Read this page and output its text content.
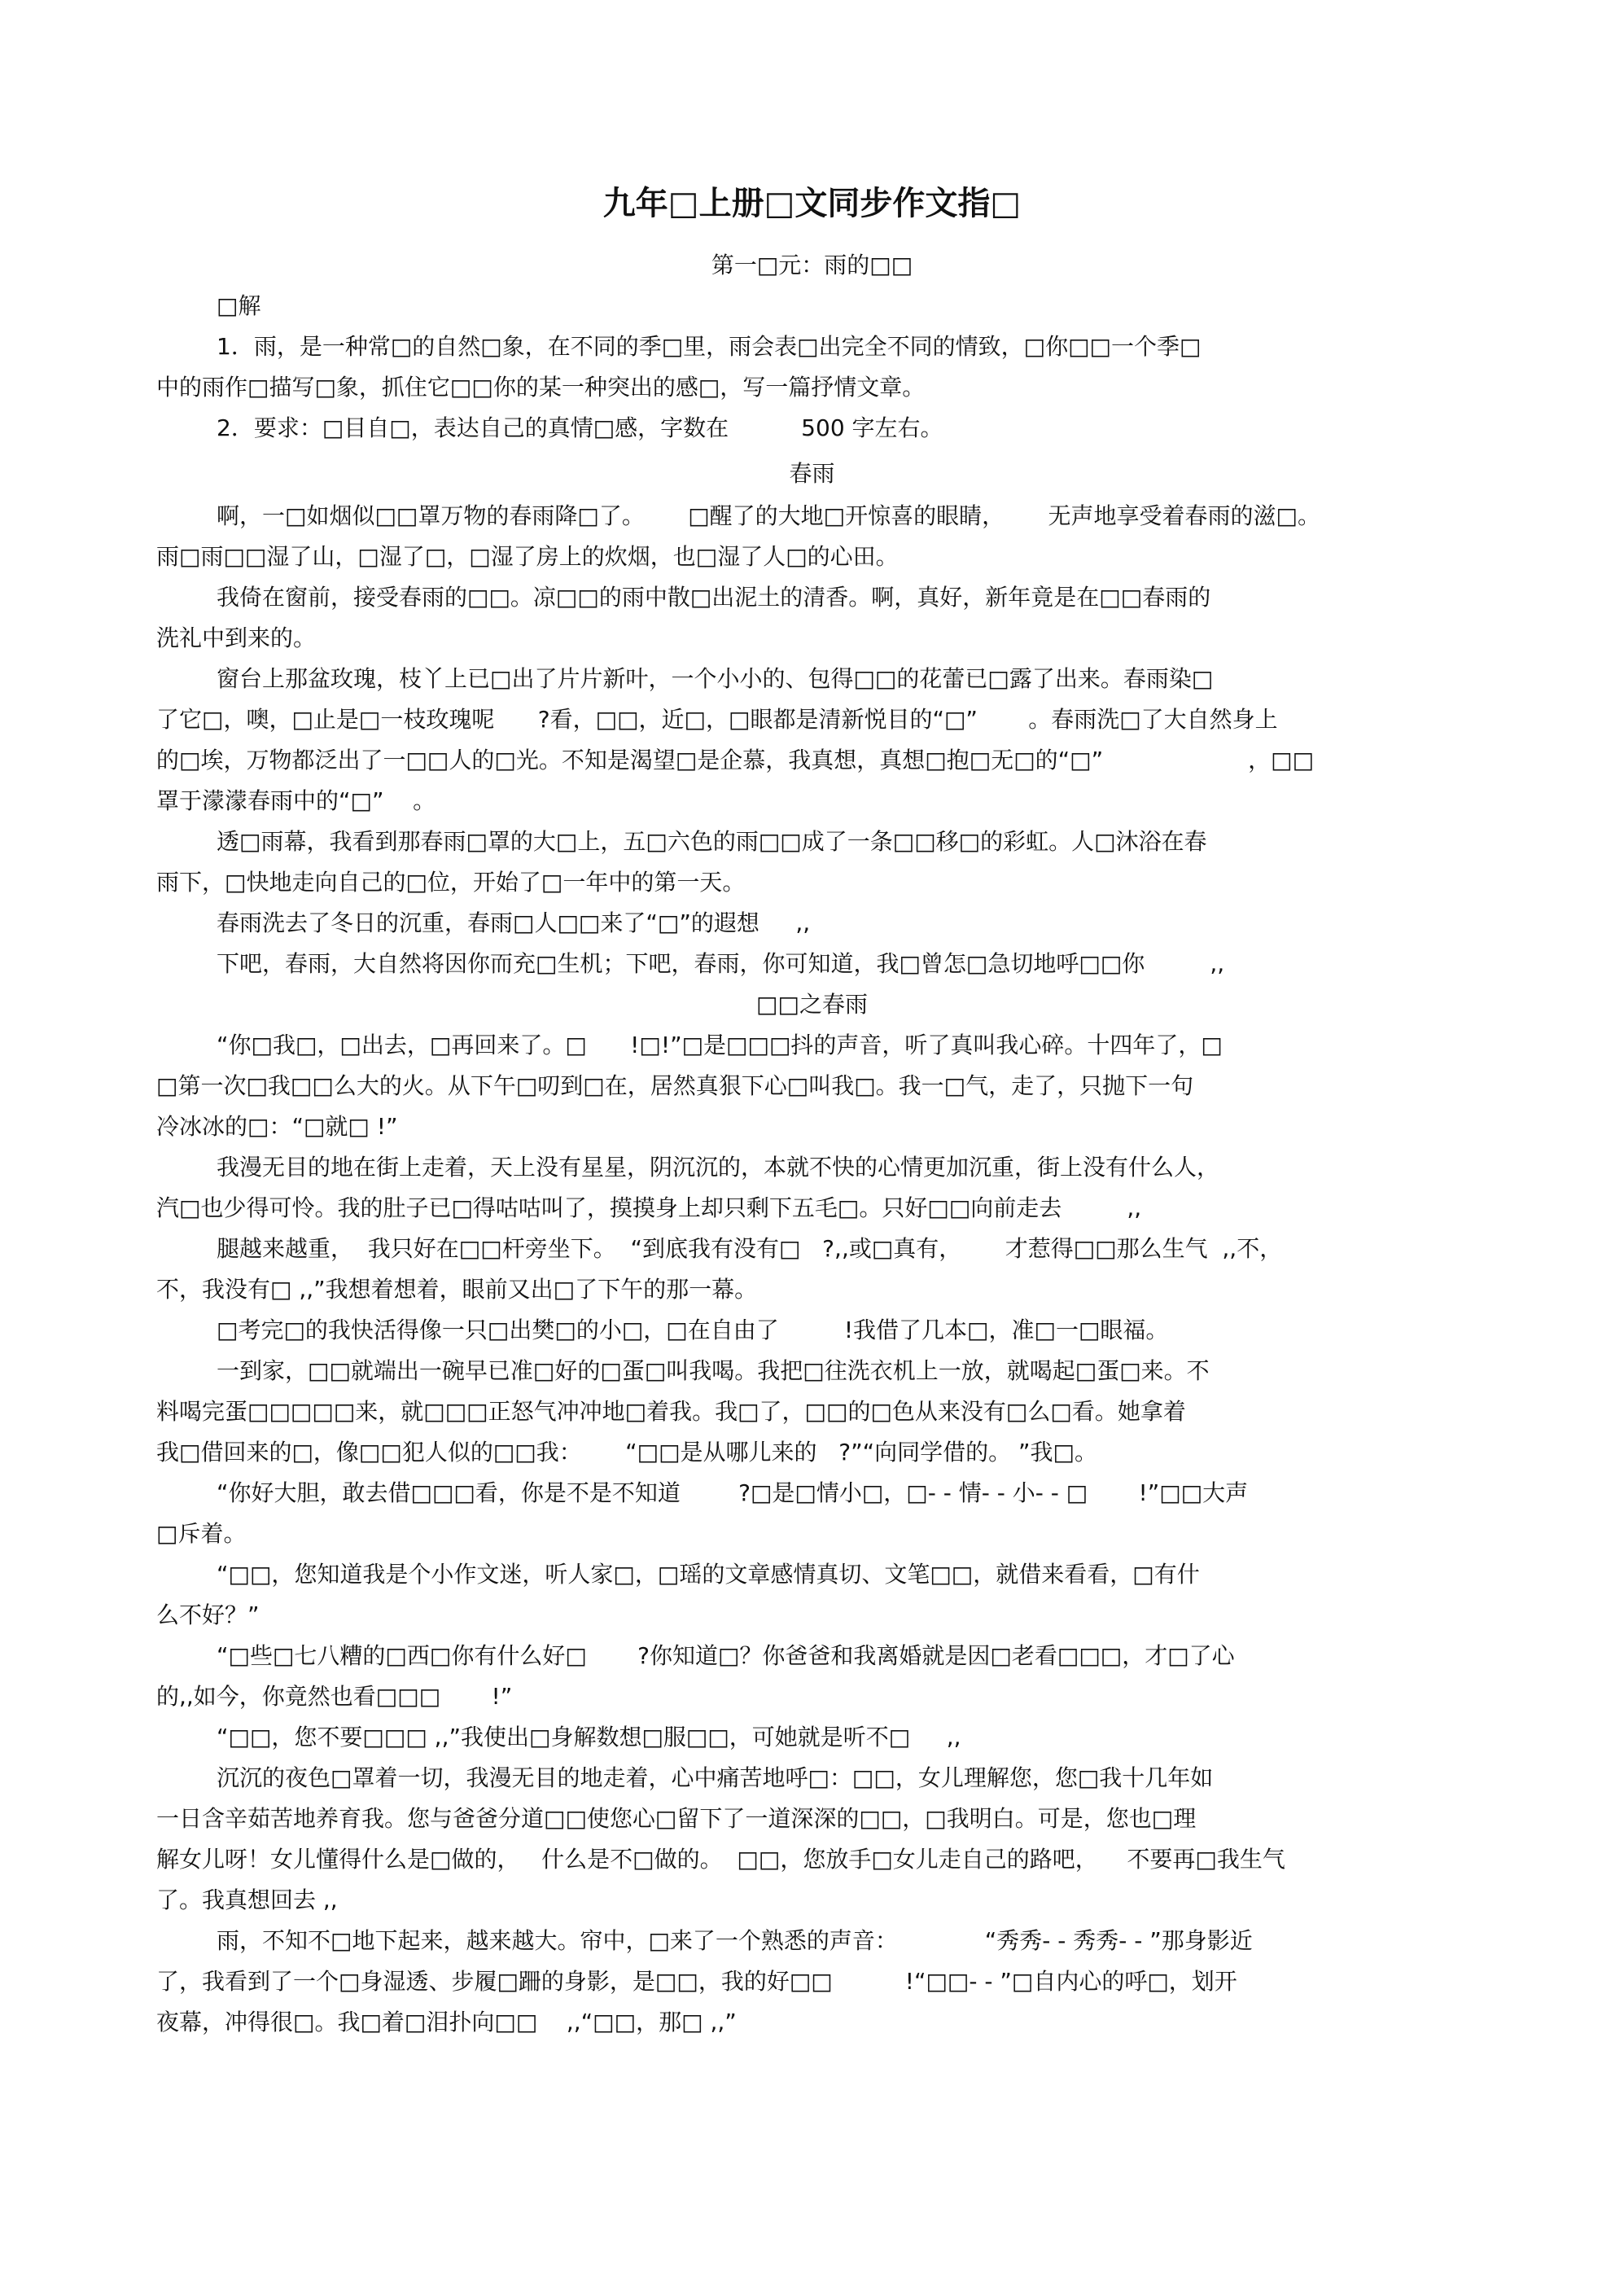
九年□上册□文同步作文指□

第一□元：雨的□□

□解

1．雨，是一种常□的自然□象，在不同的季□里，雨会表□出完全不同的情致，□你□□一个季□

中的雨作□描写□象，抓住它□□你的某一种突出的感□，写一篇抒情文章。

2．要求：□目自□，表达自己的真情□感，字数在          500 字左右。

春雨

啊，一□如烟似□□罩万物的春雨降□了。      □醒了的大地□开惊喜的眼睛，      无声地享受着春雨的滋□。

雨□雨□□湿了山，□湿了□，□湿了房上的炊烟，也□湿了人□的心田。

我倚在窗前，接受春雨的□□。凉□□的雨中散□出泥土的清香。啊，真好，新年竟是在□□春雨的

洗礼中到来的。

窗台上那盆玫瑰，枝丫上已□出了片片新叶，一个小小的、包得□□的花蕾已□露了出来。春雨染□

了它□，噢，□止是□一枝玫瑰呢      ?看，□□，近□，□眼都是清新悦目的“□”       。春雨洗□了大自然身上

的□埃，万物都泛出了一□□人的□光。不知是渴望□是企慕，我真想，真想□抱□无□的“□”                    ，□□

罩于濛濛春雨中的“□”    。

透□雨幕，我看到那春雨□罩的大□上，五□六色的雨□□成了一条□□移□的彩虹。人□沐浴在春

雨下，□快地走向自己的□位，开始了□一年中的第一天。

春雨洗去了冬日的沉重，春雨□人□□来了“□”的遐想     ,,

下吧，春雨，大自然将因你而充□生机；下吧，春雨，你可知道，我□曾怎□急切地呼□□你         ,,

□□之春雨

“你□我□，□出去，□再回来了。□      !□!”□是□□□抖的声音，听了真叫我心碎。十四年了，□

□第一次□我□□么大的火。从下午□叨到□在，居然真狠下心□叫我□。我一□气，走了，只抛下一句

冷冰冰的□：“□就□ !”

我漫无目的地在街上走着，天上没有星星，阴沉沉的，本就不快的心情更加沉重，街上没有什么人，

汽□也少得可怜。我的肚子已□得咕咕叫了，摸摸身上却只剩下五毛□。只好□□向前走去         ,,

腿越来越重，  我只好在□□杆旁坐下。  “到底我有没有□   ?,,或□真有，      才惹得□□那么生气  ,,不，

不，我没有□ ,,”我想着想着，眼前又出□了下午的那一幕。

□考完□的我快活得像一只□出樊□的小□，□在自由了         !我借了几本□，准□一□眼福。

一到家，□□就端出一碗早已准□好的□蛋□叫我喝。我把□往洗衣机上一放，就喝起□蛋□来。不

料喝完蛋□□□□□来，就□□□正怒气冲冲地□着我。我□了，□□的□色从来没有□么□看。她拿着

我□借回来的□，像□□犯人似的□□我：      “□□是从哪儿来的   ?”“向同学借的。 ”我□。

“你好大胆，敢去借□□□看，你是不是不知道        ?□是□情小□，□- - 情- - 小- - □       !”□□大声

□斥着。

“□□，您知道我是个小作文迷，听人家□，□瑶的文章感情真切、文笔□□，就借来看看，□有什

么不好？”

“□些□七八糟的□西□你有什么好□       ?你知道□？你爸爸和我离婚就是因□老看□□□，才□了心

的,,如今，你竟然也看□□□       !”

“□□，您不要□□□ ,,”我使出□身解数想□服□□，可她就是听不□     ,,

沉沉的夜色□罩着一切，我漫无目的地走着，心中痛苦地呼□：□□，女儿理解您，您□我十几年如

一日含辛茹苦地养育我。您与爸爸分道□□使您心□留下了一道深深的□□，□我明白。可是，您也□理

解女儿呀！女儿懂得什么是□做的，   什么是不□做的。  □□，您放手□女儿走自己的路吧，    不要再□我生气

了。我真想回去 ,,

雨，不知不□地下起来，越来越大。帘中，□来了一个熟悉的声音：            “秀秀- - 秀秀- - ”那身影近

了，我看到了一个□身湿透、步履□跚的身影，是□□，我的好□□          !“□□- - ”□自内心的呼□，划开

夜幕，冲得很□。我□着□泪扑向□□    ,,“□□，那□ ,,”
